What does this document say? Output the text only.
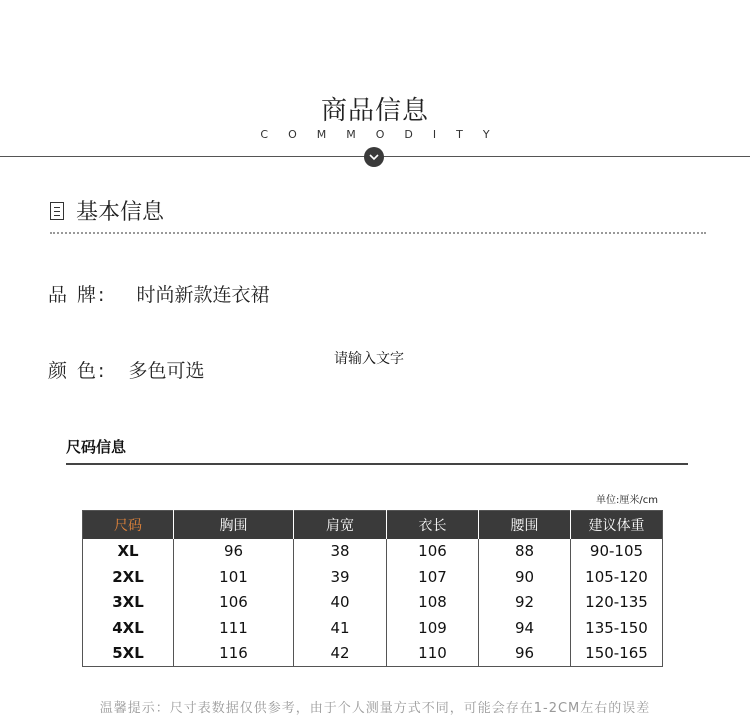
商品信息
COMMODITY
基本信息
品 牌: 时尚新款连衣裙
颜 色: 多色可选
请输入文字
尺码信息
单位:厘米/cm
尺码	胸围	肩宽	衣长	腰围	建议体重
XL	96	38	106	88	90-105
2XL	101	39	107	90	105-120
3XL	106	40	108	92	120-135
4XL	111	41	109	94	135-150
5XL	116	42	110	96	150-165
温馨提示：尺寸表数据仅供参考，由于个人测量方式不同，可能会存在1-2CM左右的误差
